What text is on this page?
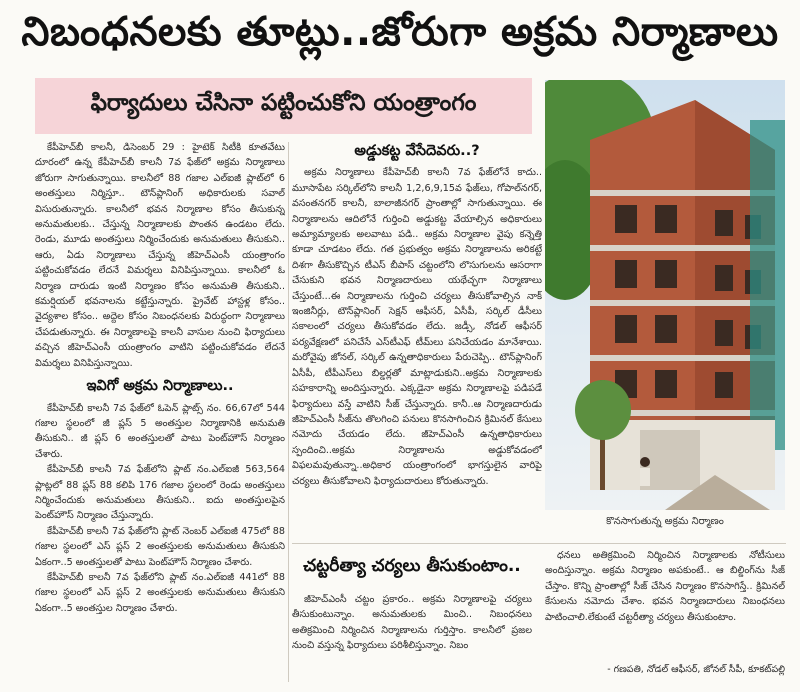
నిబంధనలకు తూట్లు..జోరుగా అక్రమ నిర్మాణాలు
ఫిర్యాదులు చేసినా పట్టించుకోని యంత్రాంగం

కేపీహెచ్‌బీ కాలనీ, డిసెంబర్ 29 : హైటెక్ సిటీకి కూతవేటు దూరంలో ఉన్న కేపీహెచ్‌బీ కాలనీ 7వ ఫేజ్‌లో అక్రమ నిర్మాణాలు జోరుగా సాగుతున్నాయి. కాలనీలో 88 గజాల ఎల్ఐజీ ప్లాట్‌లో 6 అంతస్తులు నిర్మిస్తూ.. టౌన్‌ప్లానింగ్ అధికారులకు సవాల్ విసురుతున్నారు. కాలనీలో భవన నిర్మాణాల కోసం తీసుకున్న అనుమతులకు.. చేస్తున్న నిర్మాణాలకు పొంతన ఉండటం లేదు. రెండు, మూడు అంతస్తులు నిర్మించేందుకు అనుమతులు తీసుకుని.. ఆరు, ఏడు నిర్మాణాలు చేస్తున్న జీహెచ్‌ఎంసీ యంత్రాంగం పట్టించుకోవడం లేదనే విమర్శలు వినిపిస్తున్నాయి. కాలనీలో ఓ నిర్మాణ దారుడు ఇంటి నిర్మాణం కోసం అనుమతి తీసుకుని.. కమర్షియల్ భవనాలను కట్టేస్తున్నారు. ప్రైవేట్ హాస్టళ్ల కోసం.. వైద్యశాల కోసం.. అద్దెల కోసం నిబంధనలకు విరుద్ధంగా నిర్మాణాలు చేపడుతున్నారు. ఈ నిర్మాణాలపై కాలనీ వాసుల నుంచి ఫిర్యాదులు వచ్చిన జీహెచ్‌ఎంసీ యంత్రాంగం వాటిని పట్టించుకోవడం లేదనే విమర్శలు వినిపిస్తున్నాయి.

ఇవిగో అక్రమ నిర్మాణాలు..

కేపీహెచ్‌బీ కాలనీ 7వ ఫేజ్‌లో ఓపెన్ ప్లాట్స్ నం. 66,67లో 544 గజాల స్థలంలో జీ ప్లస్ 5 అంతస్తుల నిర్మాణానికి అనుమతి తీసుకుని.. జీ ప్లస్ 6 అంతస్తులతో పాటు పెంట్‌హౌస్ నిర్మాణం చేశారు.

కేపీహెచ్‌బీ కాలనీ 7వ ఫేజ్‌లోని ప్లాట్ నం.ఎల్ఐజీ 563,564 ప్లాట్లలో 88 ప్లస్ 88 కలిపి 176 గజాల స్థలంలో రెండు అంతస్తులు నిర్మించేందుకు అనుమతులు తీసుకుని.. ఐదు అంతస్తులపైన పెంట్‌హౌస్ నిర్మాణం చేస్తున్నారు.

కేపీహెచ్‌బీ కాలనీ 7వ ఫేజ్‌లోని ప్లాట్ నెంబర్ ఎల్ఐజీ 475లో 88 గజాల స్థలంలో ఎస్ ప్లస్ 2 అంతస్తులకు అనుమతులు తీసుకుని ఏకంగా..5 అంతస్తులతో పాటు పెంట్‌హౌస్ నిర్మాణం చేశారు.

కేపీహెచ్‌బీ కాలనీ 7వ ఫేజ్‌లోని ప్లాట్ నం.ఎల్ఐజీ 441లో 88 గజాల స్థలంలో ఎస్ ప్లస్ 2 అంతస్తులకు అనుమతులు తీసుకుని ఏకంగా..5 అంతస్తుల నిర్మాణం చేశారు.

అడ్డుకట్ట వేసేదెవరు..?

అక్రమ నిర్మాణాలు కేపీహెచ్‌బీ కాలనీ 7వ ఫేజ్‌లోనే కాదు.. మూసాపేట సర్కిల్‌లోని కాలనీ 1,2,6,9,15వ ఫేజ్‌లు, గోపాల్‌నగర్, వసంతనగర్ కాలనీ, బాలాజీనగర్ ప్రాంతాల్లో సాగుతున్నాయి. ఈ నిర్మాణాలను ఆదిలోనే గుర్తించి అడ్డుకట్ట వేయాల్సిన అధికారులు అమ్యామ్యాలకు అలవాటు పడి.. అక్రమ నిర్మాణాల వైపు కన్నెత్తి కూడా చూడటం లేదు. గత ప్రభుత్వం అక్రమ నిర్మాణాలను అరికట్టే దిశగా తీసుకొచ్చిన టీఎస్ బీపాస్ చట్టంలోని లొసుగులను ఆసరాగా చేసుకుని భవన నిర్మాణదారులు యథేచ్ఛగా నిర్మాణాలు చేస్తుంటే...ఈ నిర్మాణాలను గుర్తించి చర్యలు తీసుకోవాల్సిన నాక్ ఇంజినీర్లు, టౌన్‌ప్లానింగ్ సెక్షన్ ఆఫీసర్, ఏసీపీ, సర్కిల్ డీసీలు సకాలంలో చర్యలు తీసుకోవడం లేదు. జడ్సీ, నోడల్ ఆఫీసర్ పర్యవేక్షణలో పనిచేసే ఎస్‌టీఎఫ్ టీమ్‌లు పనిచేయడం మానేశాయి. మరోవైపు జోనల్, సర్కిల్ ఉన్నతాధికారులు పేరుచెప్పి.. టౌన్‌ప్లానింగ్ ఏసీపీ, టీపీఎస్‌లు బిల్డర్లతో మాట్లాడుకుని..అక్రమ నిర్మాణాలకు సహకారాన్ని అందిస్తున్నారు. ఎక్కడైనా అక్రమ నిర్మాణాలపై పడిపడే ఫిర్యాదులు వస్తే వాటిని సీజ్ చేస్తున్నారు. కానీ..ఆ నిర్మాణదారుడు జీహెచ్‌ఎంసీ సీజ్‌ను తొలగించి పనులు కొనసాగించిన క్రిమినల్ కేసులు నమోదు చేయడం లేదు. జీహెచ్‌ఎంసీ ఉన్నతాధికారులు స్పందించి..అక్రమ నిర్మాణాలను అడ్డుకోవడంలో విఫలమవుతున్నా..అధికార యంత్రాంగంలో భాగస్తులైన వారిపై చర్యలు తీసుకోవాలని ఫిర్యాదుదారులు కోరుతున్నారు.

కొనసాగుతున్న అక్రమ నిర్మాణం
చట్టరీత్యా చర్యలు తీసుకుంటాం..

జీహెచ్‌ఎంసీ చట్టం ప్రకారం.. అక్రమ నిర్మాణాలపై చర్యలు తీసుకుంటున్నాం. అనుమతులకు మించి.. నిబంధనలు అతిక్రమించి నిర్మించిన నిర్మాణాలను గుర్తిస్తాం. కాలనీలో ప్రజల నుంచి వస్తున్న ఫిర్యాదులు పరిశీలిస్తున్నాం. నిబం

ధనలు అతిక్రమించి నిర్మించిన నిర్మాణాలకు నోటీసులు అందిస్తున్నాం. అక్రమ నిర్మాణం అపకుంటే.. ఆ బిల్డింగ్‌ను సీజ్ చేస్తాం. కొన్ని ప్రాంతాల్లో సీజ్ చేసిన నిర్మాణం కొనసాగిస్తే.. క్రిమినల్ కేసులను నమోదు చేశాం. భవన నిర్మాణదారులు నిబంధనలు పాటించాలి.లేకుంటే చట్టరీత్యా చర్యలు తీసుకుంటాం.

- గణపతి, నోడల్ ఆఫీసర్, జోనల్ సీపీ, కూకట్‌పల్లి
